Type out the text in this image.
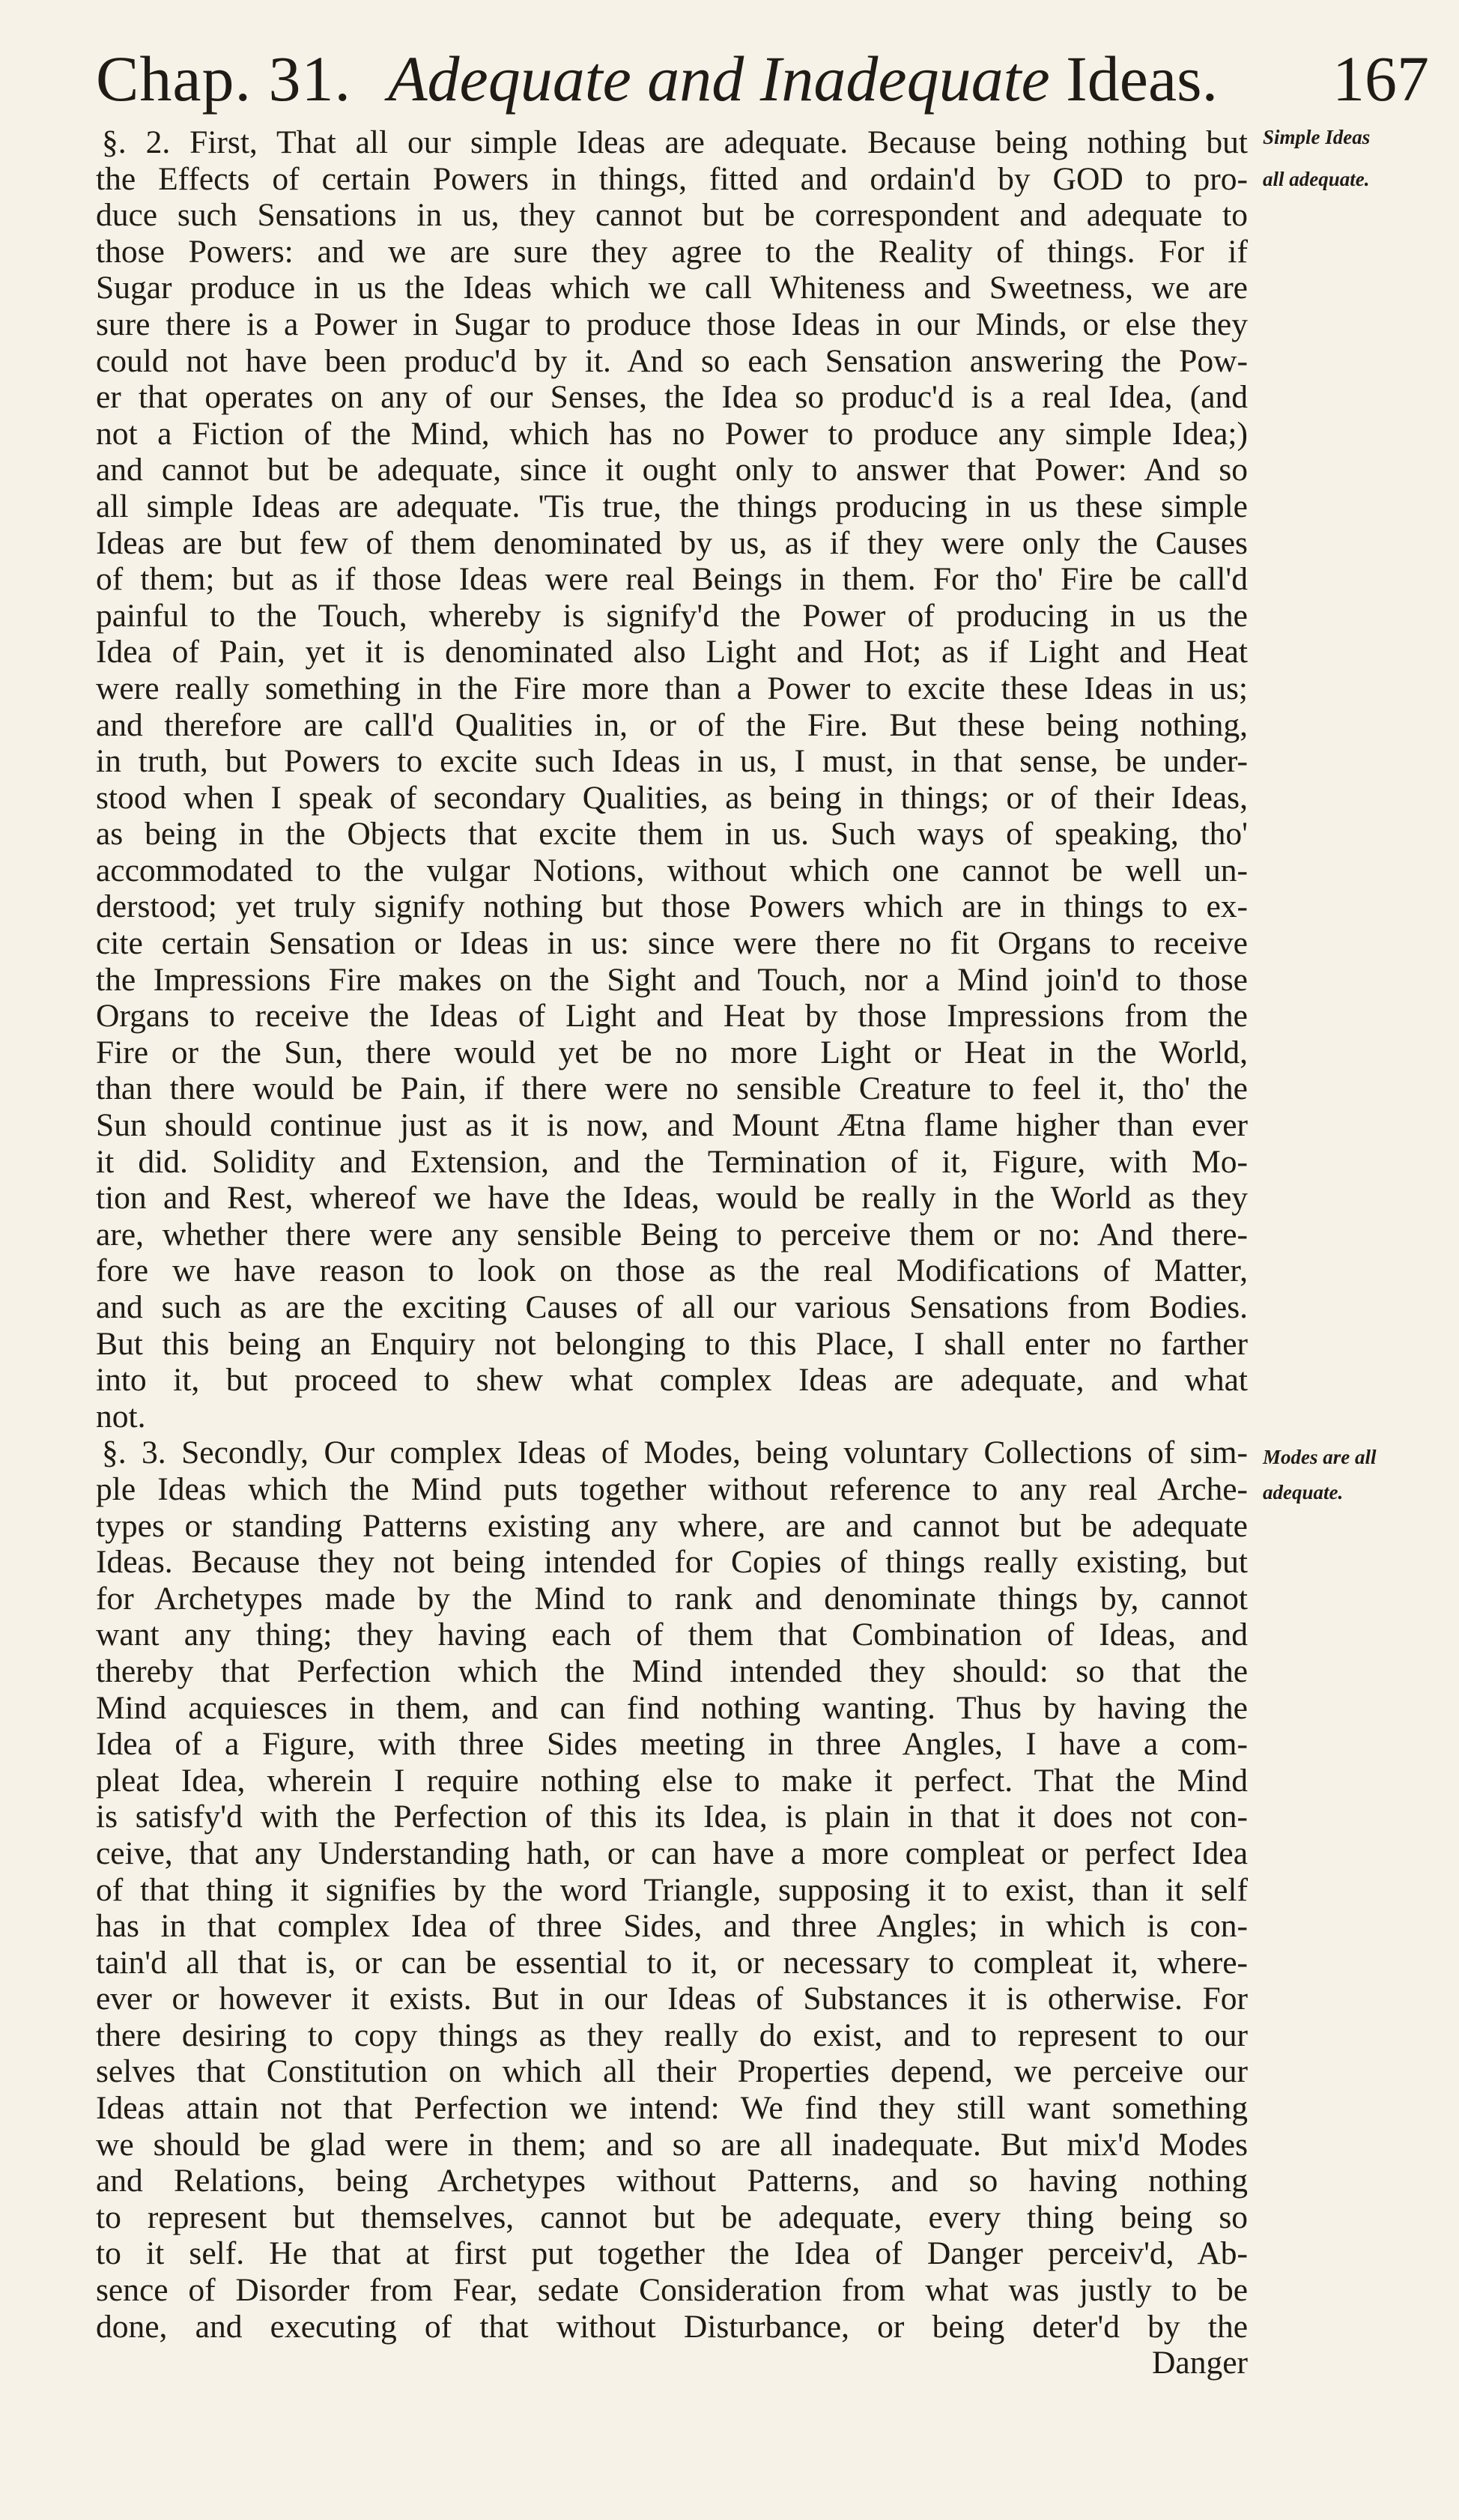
Chap. 31. Adequate and Inadequate Ideas. 167
§. 2. First, That all our simple Ideas are adequate. Because being nothing but
the Effects of certain Powers in things, fitted and ordain'd by GOD to pro-
duce such Sensations in us, they cannot but be correspondent and adequate to
those Powers: and we are sure they agree to the Reality of things. For if
Sugar produce in us the Ideas which we call Whiteness and Sweetness, we are
sure there is a Power in Sugar to produce those Ideas in our Minds, or else they
could not have been produc'd by it. And so each Sensation answering the Pow-
er that operates on any of our Senses, the Idea so produc'd is a real Idea, (and
not a Fiction of the Mind, which has no Power to produce any simple Idea;)
and cannot but be adequate, since it ought only to answer that Power: And so
all simple Ideas are adequate. 'Tis true, the things producing in us these simple
Ideas are but few of them denominated by us, as if they were only the Causes
of them; but as if those Ideas were real Beings in them. For tho' Fire be call'd
painful to the Touch, whereby is signify'd the Power of producing in us the
Idea of Pain, yet it is denominated also Light and Hot; as if Light and Heat
were really something in the Fire more than a Power to excite these Ideas in us;
and therefore are call'd Qualities in, or of the Fire. But these being nothing,
in truth, but Powers to excite such Ideas in us, I must, in that sense, be under-
stood when I speak of secondary Qualities, as being in things; or of their Ideas,
as being in the Objects that excite them in us. Such ways of speaking, tho'
accommodated to the vulgar Notions, without which one cannot be well un-
derstood; yet truly signify nothing but those Powers which are in things to ex-
cite certain Sensation or Ideas in us: since were there no fit Organs to receive
the Impressions Fire makes on the Sight and Touch, nor a Mind join'd to those
Organs to receive the Ideas of Light and Heat by those Impressions from the
Fire or the Sun, there would yet be no more Light or Heat in the World,
than there would be Pain, if there were no sensible Creature to feel it, tho' the
Sun should continue just as it is now, and Mount Ætna flame higher than ever
it did. Solidity and Extension, and the Termination of it, Figure, with Mo-
tion and Rest, whereof we have the Ideas, would be really in the World as they
are, whether there were any sensible Being to perceive them or no: And there-
fore we have reason to look on those as the real Modifications of Matter,
and such as are the exciting Causes of all our various Sensations from Bodies.
But this being an Enquiry not belonging to this Place, I shall enter no farther
into it, but proceed to shew what complex Ideas are adequate, and what
not.
§. 3. Secondly, Our complex Ideas of Modes, being voluntary Collections of sim-
ple Ideas which the Mind puts together without reference to any real Arche-
types or standing Patterns existing any where, are and cannot but be adequate
Ideas. Because they not being intended for Copies of things really existing, but
for Archetypes made by the Mind to rank and denominate things by, cannot
want any thing; they having each of them that Combination of Ideas, and
thereby that Perfection which the Mind intended they should: so that the
Mind acquiesces in them, and can find nothing wanting. Thus by having the
Idea of a Figure, with three Sides meeting in three Angles, I have a com-
pleat Idea, wherein I require nothing else to make it perfect. That the Mind
is satisfy'd with the Perfection of this its Idea, is plain in that it does not con-
ceive, that any Understanding hath, or can have a more compleat or perfect Idea
of that thing it signifies by the word Triangle, supposing it to exist, than it self
has in that complex Idea of three Sides, and three Angles; in which is con-
tain'd all that is, or can be essential to it, or necessary to compleat it, where-
ever or however it exists. But in our Ideas of Substances it is otherwise. For
there desiring to copy things as they really do exist, and to represent to our
selves that Constitution on which all their Properties depend, we perceive our
Ideas attain not that Perfection we intend: We find they still want something
we should be glad were in them; and so are all inadequate. But mix'd Modes
and Relations, being Archetypes without Patterns, and so having nothing
to represent but themselves, cannot but be adequate, every thing being so
to it self. He that at first put together the Idea of Danger perceiv'd, Ab-
sence of Disorder from Fear, sedate Consideration from what was justly to be
done, and executing of that without Disturbance, or being deter'd by the
Danger
Simple Ideas
all adequate.
Modes are all
adequate.
